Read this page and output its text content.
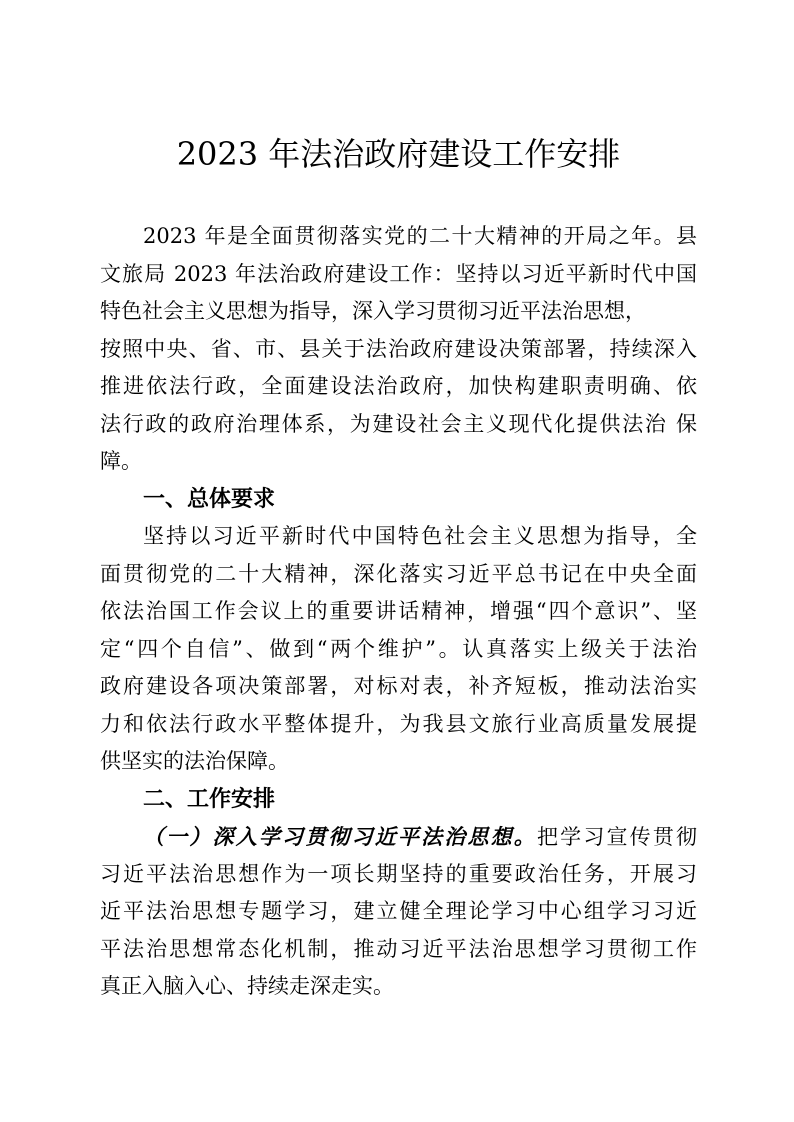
2023 年法治政府建设工作安排
2023 年是全面贯彻落实党的二十大精神的开局之年。县
文旅局 2023 年法治政府建设工作：坚持以习近平新时代中国
特色社会主义思想为指导，深入学习贯彻习近平法治思想，
按照中央、省、市、县关于法治政府建设决策部署，持续深入
推进依法行政，全面建设法治政府，加快构建职责明确、依
法行政的政府治理体系，为建设社会主义现代化提供法治 保
障。
一、总体要求
坚持以习近平新时代中国特色社会主义思想为指导，全
面贯彻党的二十大精神，深化落实习近平总书记在中央全面
依法治国工作会议上的重要讲话精神，增强“四个意识”、坚
定“四个自信”、做到“两个维护”。认真落实上级关于法治
政府建设各项决策部署，对标对表，补齐短板，推动法治实
力和依法行政水平整体提升，为我县文旅行业高质量发展提
供坚实的法治保障。
二、工作安排
（一）深入学习贯彻习近平法治思想。把学习宣传贯彻
习近平法治思想作为一项长期坚持的重要政治任务，开展习
近平法治思想专题学习，建立健全理论学习中心组学习习近
平法治思想常态化机制，推动习近平法治思想学习贯彻工作
真正入脑入心、持续走深走实。
